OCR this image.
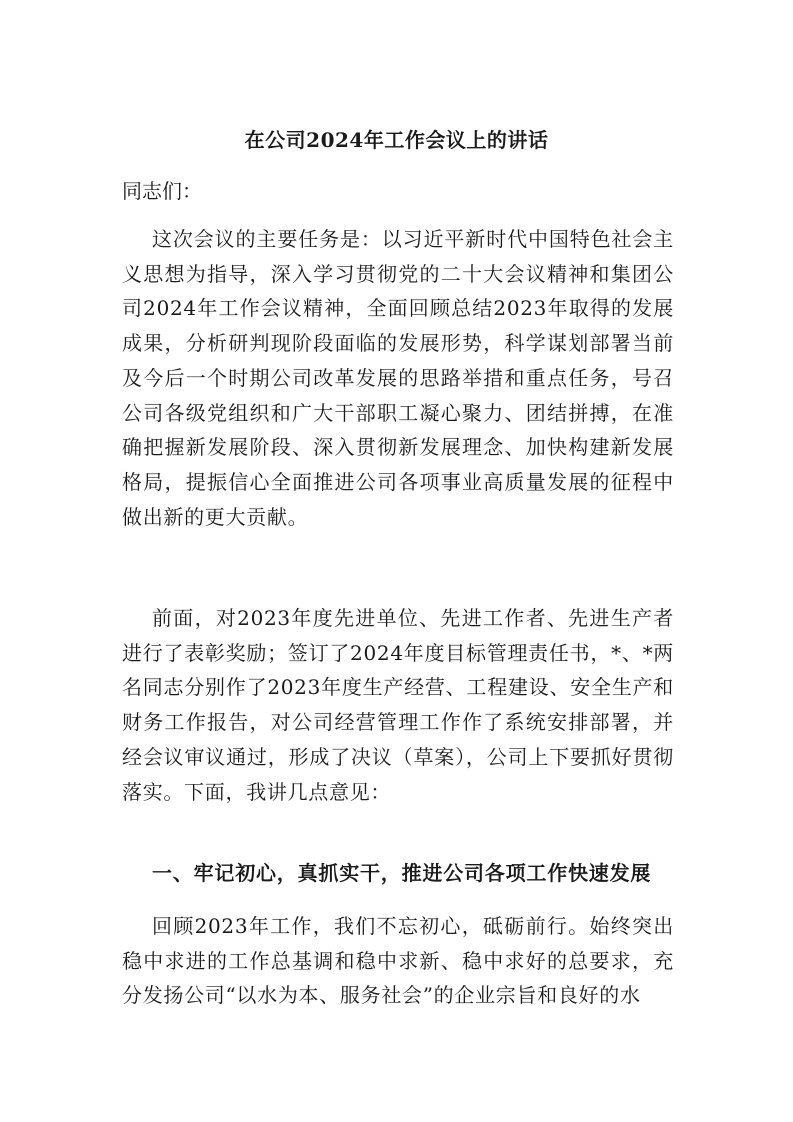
在公司2024年工作会议上的讲话
同志们：

这次会议的主要任务是：以习近平新时代中国特色社会主义思想为指导，深入学习贯彻党的二十大会议精神和集团公司2024年工作会议精神，全面回顾总结2023年取得的发展成果，分析研判现阶段面临的发展形势，科学谋划部署当前及今后一个时期公司改革发展的思路举措和重点任务，号召公司各级党组织和广大干部职工凝心聚力、团结拼搏，在准确把握新发展阶段、深入贯彻新发展理念、加快构建新发展格局，提振信心全面推进公司各项事业高质量发展的征程中做出新的更大贡献。

前面，对2023年度先进单位、先进工作者、先进生产者进行了表彰奖励；签订了2024年度目标管理责任书，*、*两名同志分别作了2023年度生产经营、工程建设、安全生产和财务工作报告，对公司经营管理工作作了系统安排部署，并经会议审议通过，形成了决议（草案），公司上下要抓好贯彻落实。下面，我讲几点意见：

一、牢记初心，真抓实干，推进公司各项工作快速发展

回顾2023年工作，我们不忘初心，砥砺前行。始终突出稳中求进的工作总基调和稳中求新、稳中求好的总要求，充分发扬公司“以水为本、服务社会”的企业宗旨和良好的水
